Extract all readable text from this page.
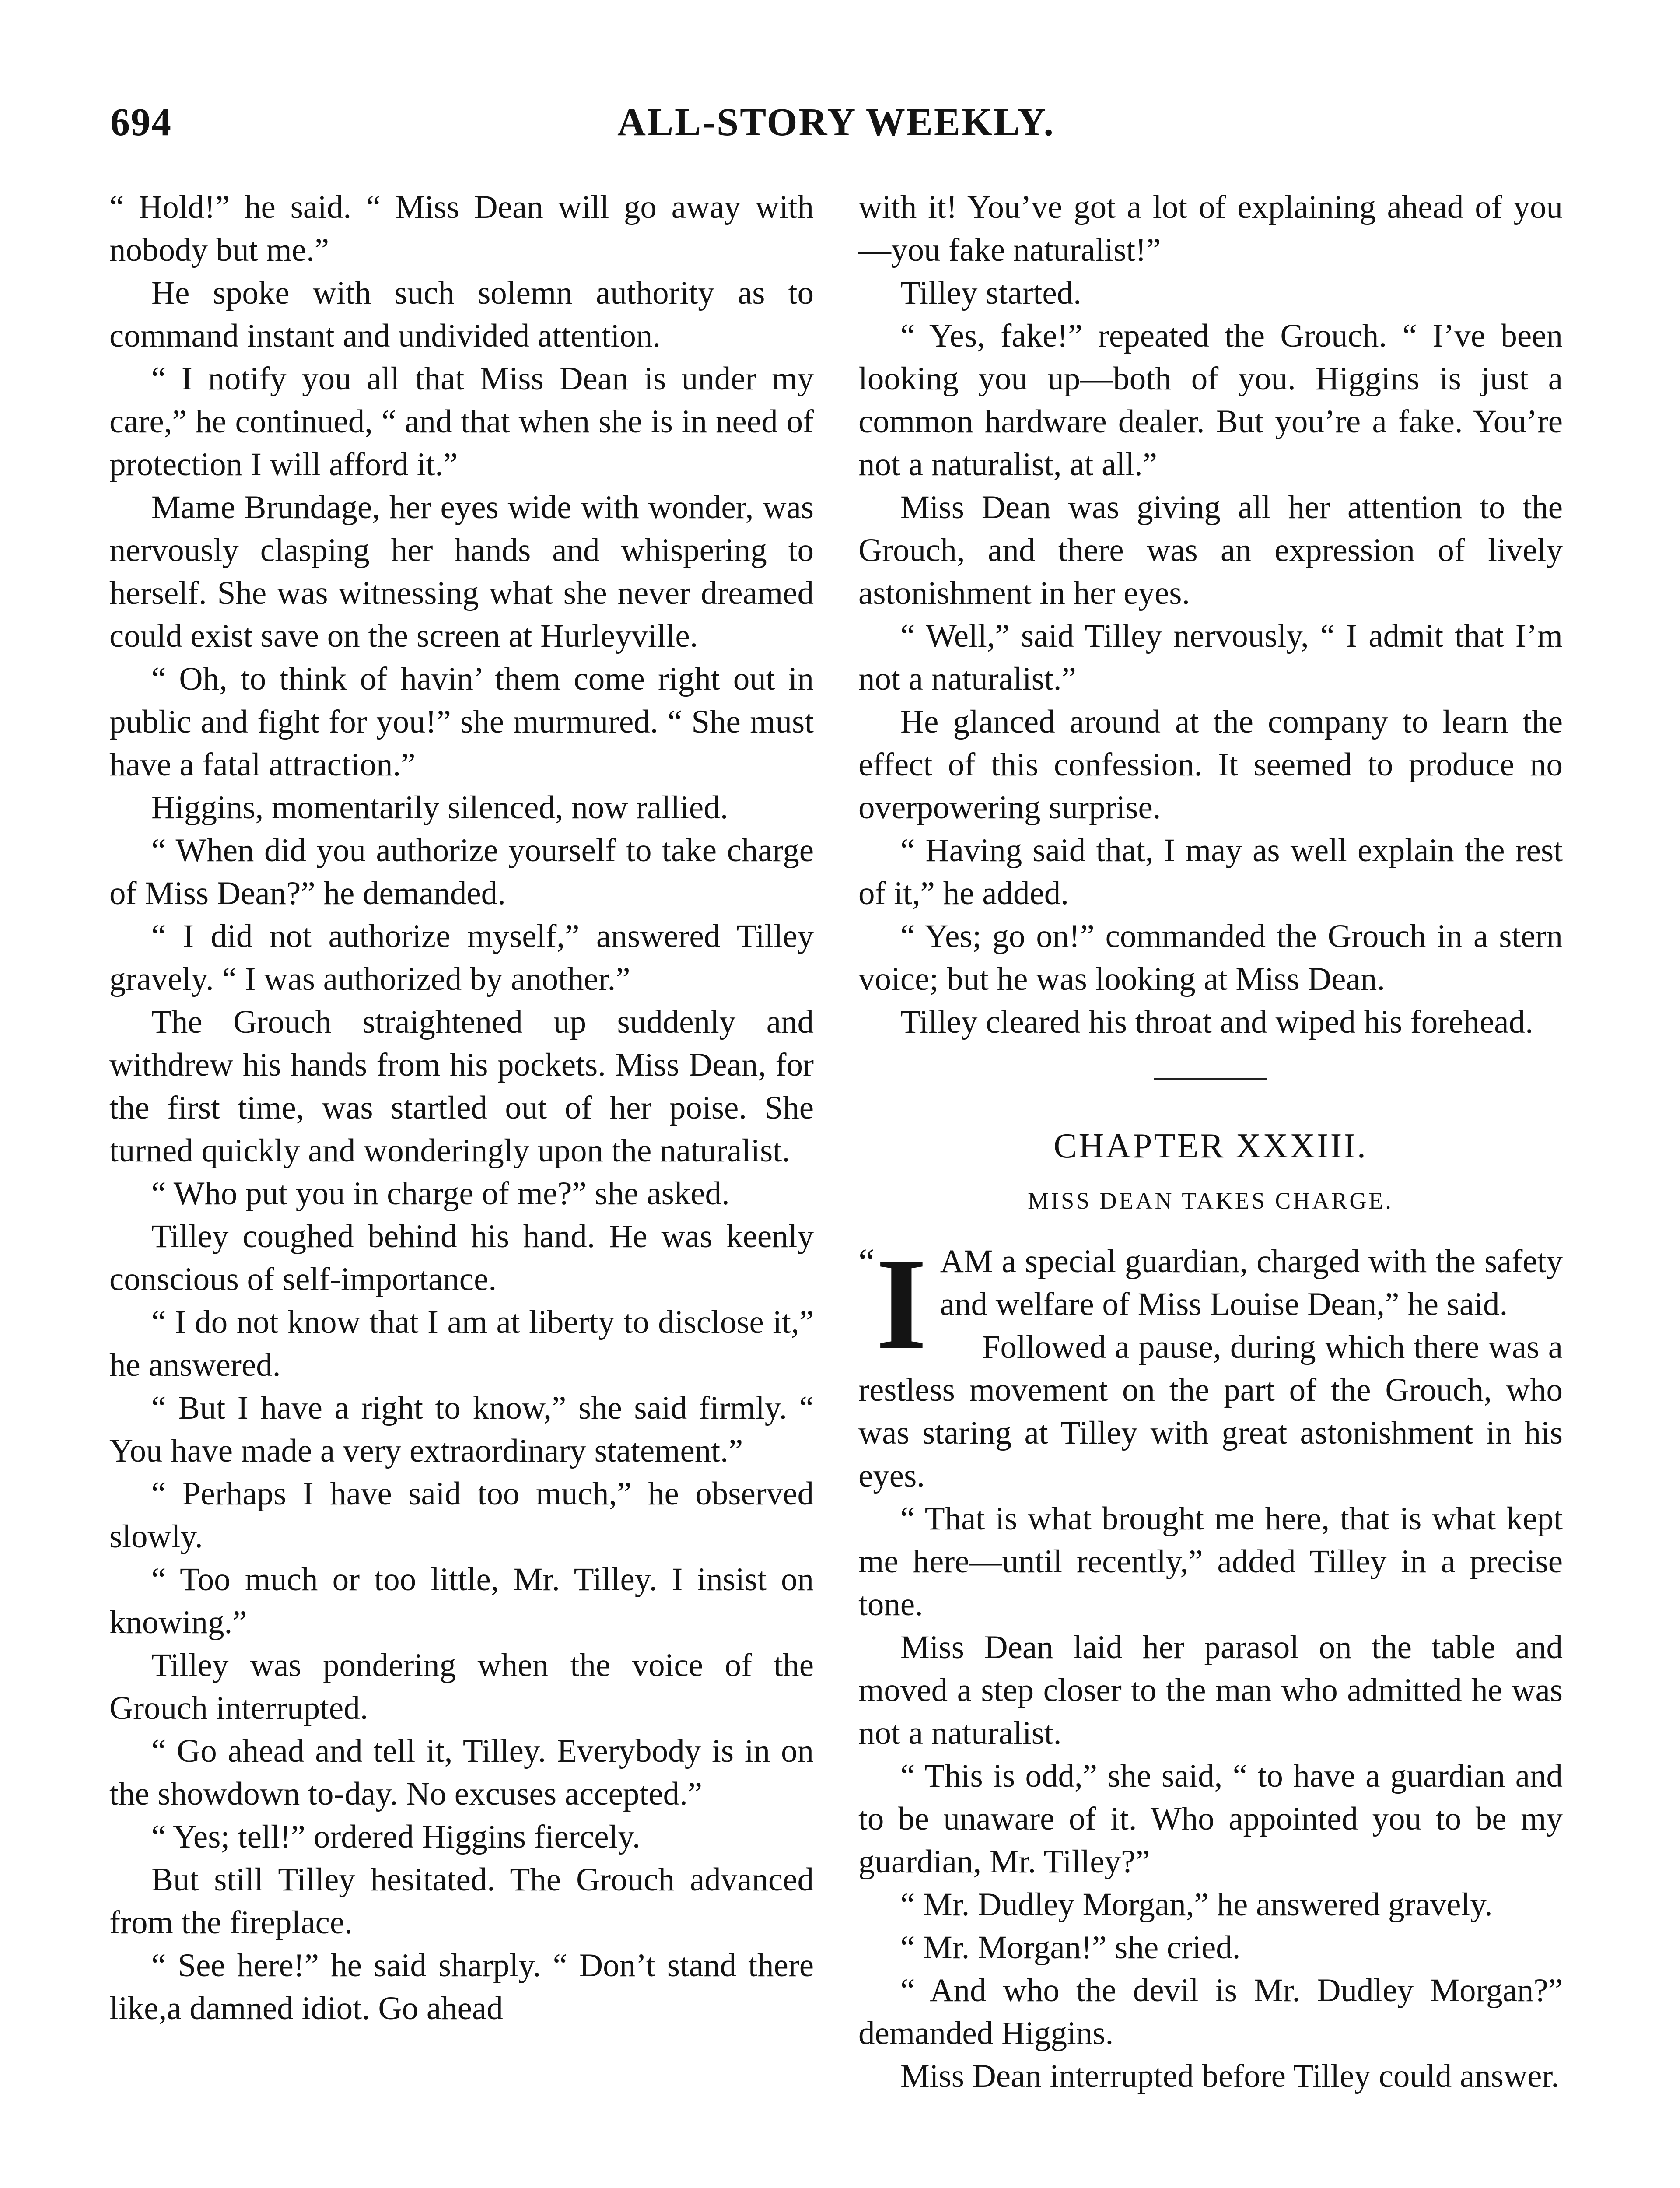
694	ALL-STORY WEEKLY.

“ Hold!” he said. “ Miss Dean will go away with nobody but me.”

He spoke with such solemn authority as to command instant and undivided attention.

“ I notify you all that Miss Dean is under my care,” he continued, “ and that when she is in need of protection I will afford it.”

Mame Brundage, her eyes wide with wonder, was nervously clasping her hands and whispering to herself. She was witnessing what she never dreamed could exist save on the screen at Hurleyville.

“ Oh, to think of havin’ them come right out in public and fight for you!” she murmured. “ She must have a fatal attraction.”

Higgins, momentarily silenced, now rallied.

“ When did you authorize yourself to take charge of Miss Dean?” he demanded.

“ I did not authorize myself,” answered Tilley gravely. “ I was authorized by another.”

The Grouch straightened up suddenly and withdrew his hands from his pockets. Miss Dean, for the first time, was startled out of her poise. She turned quickly and wonderingly upon the naturalist.

“ Who put you in charge of me?” she asked.

Tilley coughed behind his hand. He was keenly conscious of self-importance.

“ I do not know that I am at liberty to disclose it,” he answered.

“ But I have a right to know,” she said firmly. “ You have made a very extraordinary statement.”

“ Perhaps I have said too much,” he observed slowly.

“ Too much or too little, Mr. Tilley. I insist on knowing.”

Tilley was pondering when the voice of the Grouch interrupted.

“ Go ahead and tell it, Tilley. Everybody is in on the showdown to-day. No excuses accepted.”

“ Yes; tell!” ordered Higgins fiercely.

But still Tilley hesitated. The Grouch advanced from the fireplace.

“ See here!” he said sharply. “ Don’t stand there like,a damned idiot. Go ahead

with it! You’ve got a lot of explaining ahead of you—you fake naturalist!”

Tilley started.

“ Yes, fake!” repeated the Grouch. “ I’ve been looking you up—both of you. Higgins is just a common hardware dealer. But you’re a fake. You’re not a naturalist, at all.”

Miss Dean was giving all her attention to the Grouch, and there was an expression of lively astonishment in her eyes.

“ Well,” said Tilley nervously, “ I admit that I’m not a naturalist.”

He glanced around at the company to learn the effect of this confession. It seemed to produce no overpowering surprise.

“ Having said that, I may as well explain the rest of it,” he added.

“ Yes; go on!” commanded the Grouch in a stern voice; but he was looking at Miss Dean.

Tilley cleared his throat and wiped his forehead.

CHAPTER XXXIII.
MISS DEAN TAKES CHARGE.

“ I AM a special guardian, charged with the safety and welfare of Miss Louise Dean,” he said.

Followed a pause, during which there was a restless movement on the part of the Grouch, who was staring at Tilley with great astonishment in his eyes.

“ That is what brought me here, that is what kept me here—until recently,” added Tilley in a precise tone.

Miss Dean laid her parasol on the table and moved a step closer to the man who admitted he was not a naturalist.

“ This is odd,” she said, “ to have a guardian and to be unaware of it. Who appointed you to be my guardian, Mr. Tilley?”

“ Mr. Dudley Morgan,” he answered gravely.

“ Mr. Morgan!” she cried.

“ And who the devil is Mr. Dudley Morgan?” demanded Higgins.

Miss Dean interrupted before Tilley could answer.
